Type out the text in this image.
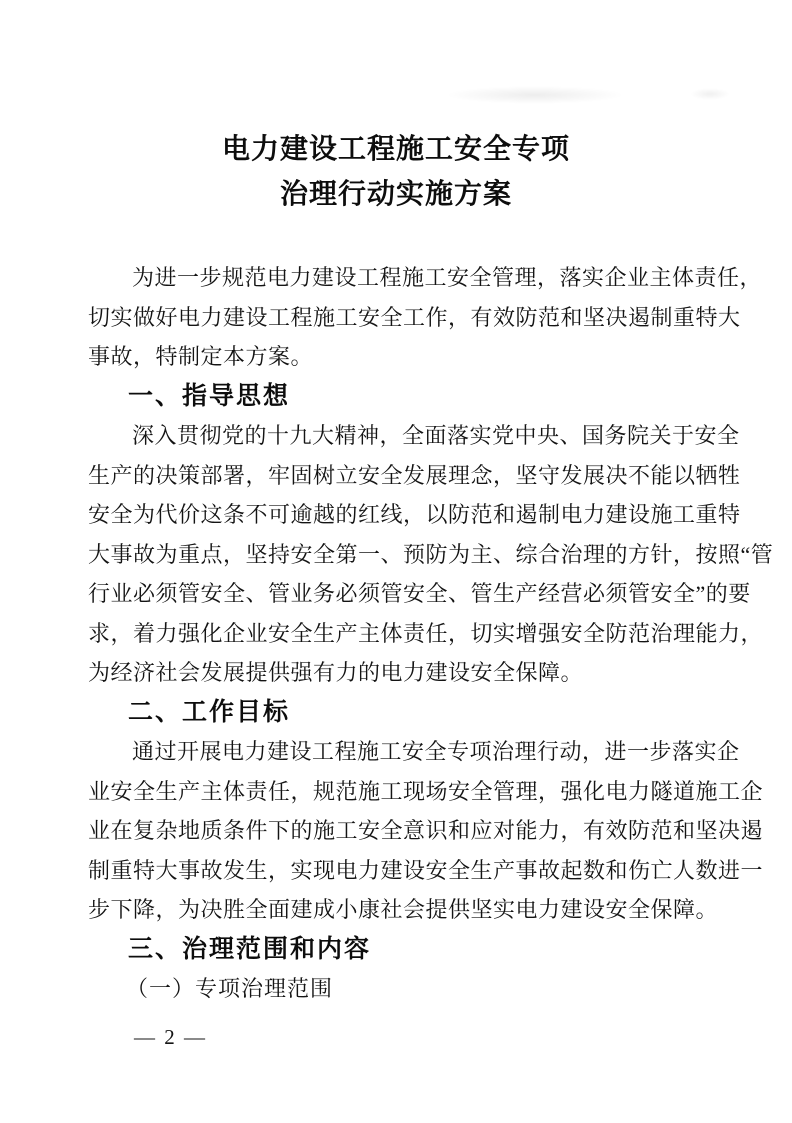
电力建设工程施工安全专项
治理行动实施方案
为进一步规范电力建设工程施工安全管理，落实企业主体责任，
切实做好电力建设工程施工安全工作，有效防范和坚决遏制重特大
事故，特制定本方案。
一、指导思想
深入贯彻党的十九大精神，全面落实党中央、国务院关于安全
生产的决策部署，牢固树立安全发展理念，坚守发展决不能以牺牲
安全为代价这条不可逾越的红线，以防范和遏制电力建设施工重特
大事故为重点，坚持安全第一、预防为主、综合治理的方针，按照“管
行业必须管安全、管业务必须管安全、管生产经营必须管安全”的要
求，着力强化企业安全生产主体责任，切实增强安全防范治理能力，
为经济社会发展提供强有力的电力建设安全保障。
二、工作目标
通过开展电力建设工程施工安全专项治理行动，进一步落实企
业安全生产主体责任，规范施工现场安全管理，强化电力隧道施工企
业在复杂地质条件下的施工安全意识和应对能力，有效防范和坚决遏
制重特大事故发生，实现电力建设安全生产事故起数和伤亡人数进一
步下降，为决胜全面建成小康社会提供坚实电力建设安全保障。
三、治理范围和内容
（一）专项治理范围
— 2 —
